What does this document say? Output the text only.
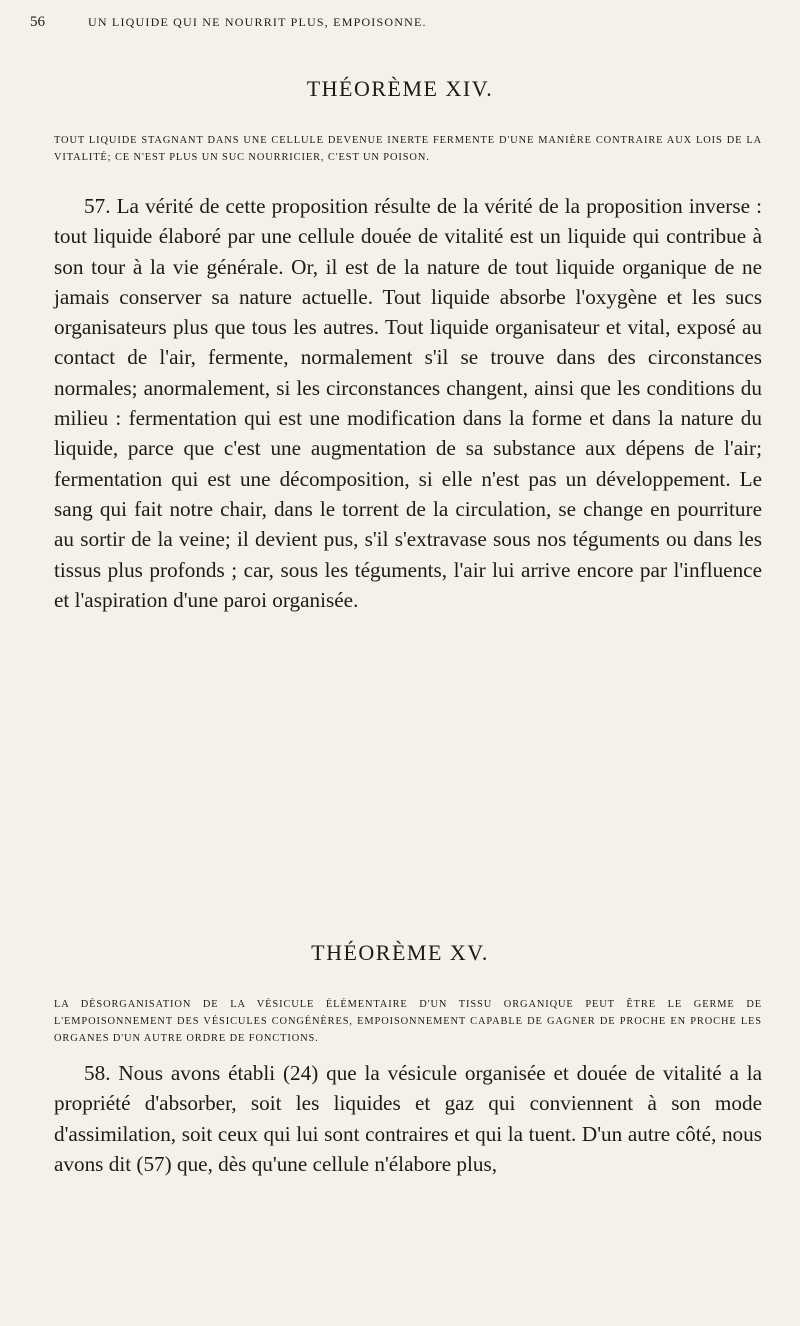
56	UN LIQUIDE QUI NE NOURRIT PLUS, EMPOISONNE.
THÉORÈME XIV.
TOUT LIQUIDE STAGNANT DANS UNE CELLULE DEVENUE INERTE FERMENTE D'UNE MANIÈRE CONTRAIRE AUX LOIS DE LA VITALITÉ; CE N'EST PLUS UN SUC NOURRICIER, C'EST UN POISON.

57. La vérité de cette proposition résulte de la vérité de la proposition inverse : tout liquide élaboré par une cellule douée de vitalité est un liquide qui contribue à son tour à la vie générale. Or, il est de la nature de tout liquide organique de ne jamais conserver sa nature actuelle. Tout liquide absorbe l'oxygène et les sucs organisateurs plus que tous les autres. Tout liquide organisateur et vital, exposé au contact de l'air, fermente, normalement s'il se trouve dans des circonstances normales; anormalement, si les circonstances changent, ainsi que les conditions du milieu : fermentation qui est une modification dans la forme et dans la nature du liquide, parce que c'est une augmentation de sa substance aux dépens de l'air; fermentation qui est une décomposition, si elle n'est pas un développement. Le sang qui fait notre chair, dans le torrent de la circulation, se change en pourriture au sortir de la veine; il devient pus, s'il s'extravase sous nos téguments ou dans les tissus plus profonds ; car, sous les téguments, l'air lui arrive encore par l'influence et l'aspiration d'une paroi organisée.

THÉORÈME XV.
LA DÉSORGANISATION DE LA VÉSICULE ÉLÉMENTAIRE D'UN TISSU ORGANIQUE PEUT ÊTRE LE GERME DE L'EMPOISONNEMENT DES VÉSICULES CONGÉNÈRES, EMPOISONNEMENT CAPABLE DE GAGNER DE PROCHE EN PROCHE LES ORGANES D'UN AUTRE ORDRE DE FONCTIONS.

58. Nous avons établi (24) que la vésicule organisée et douée de vitalité a la propriété d'absorber, soit les liquides et gaz qui conviennent à son mode d'assimilation, soit ceux qui lui sont contraires et qui la tuent. D'un autre côté, nous avons dit (57) que, dès qu'une cellule n'élabore plus,
